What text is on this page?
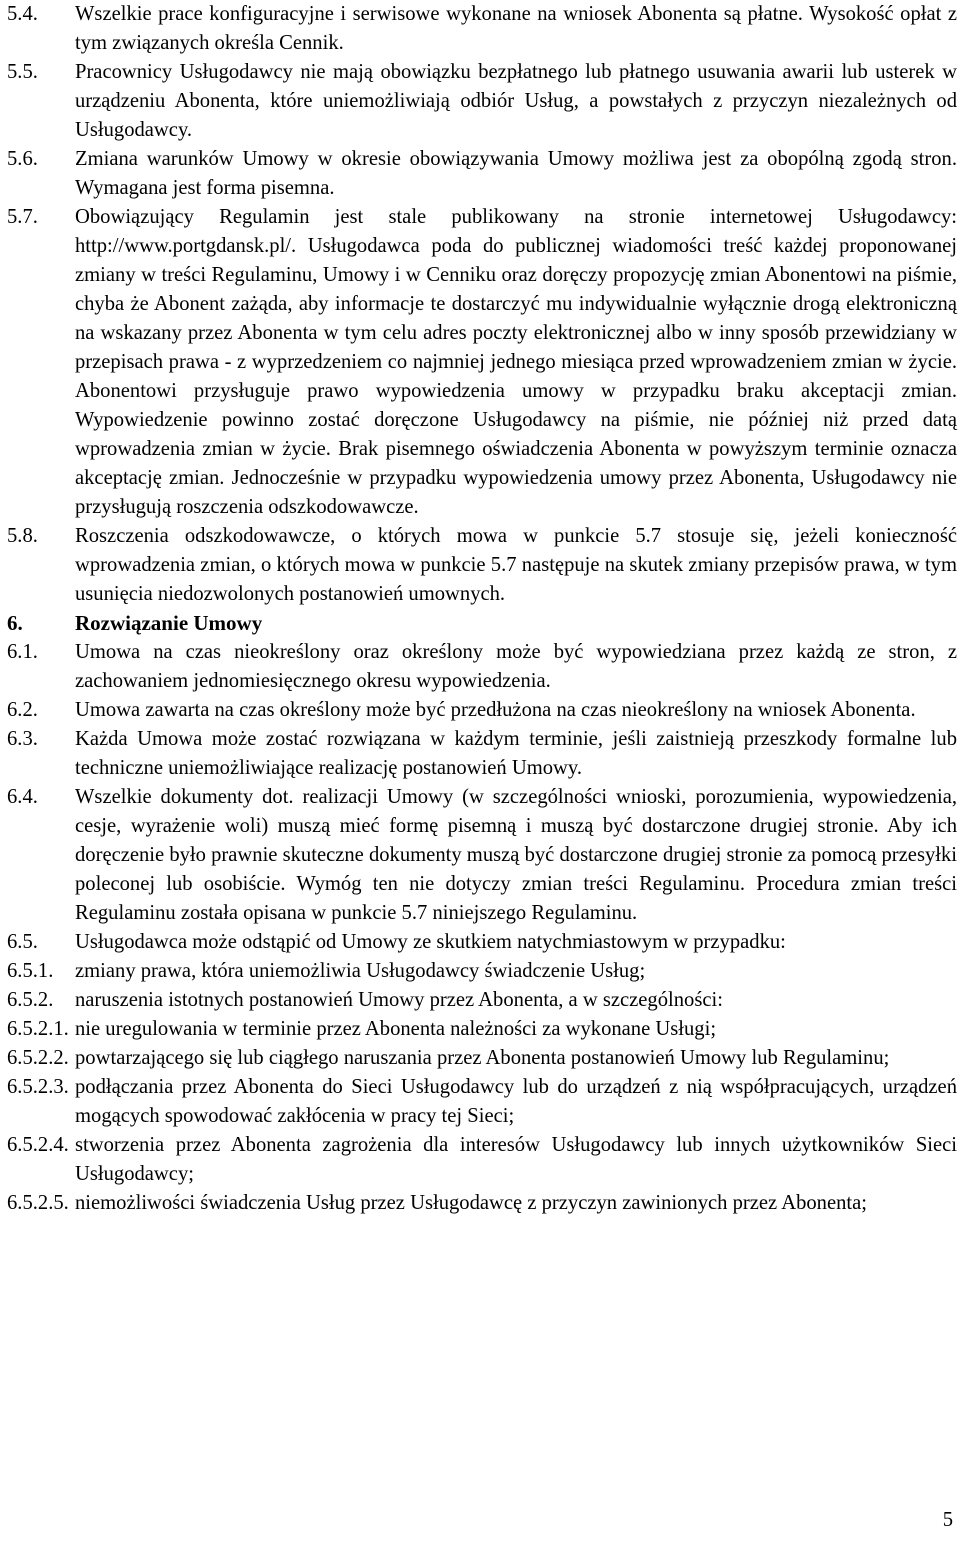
5.4.	Wszelkie prace konfiguracyjne i serwisowe wykonane na wniosek Abonenta są płatne. Wysokość opłat z tym związanych określa Cennik.
5.5.	Pracownicy Usługodawcy nie mają obowiązku bezpłatnego lub płatnego usuwania awarii lub usterek w urządzeniu Abonenta, które uniemożliwiają odbiór Usług, a powstałych z przyczyn niezależnych od Usługodawcy.
5.6.	Zmiana warunków Umowy w okresie obowiązywania Umowy możliwa jest za obopólną zgodą stron. Wymagana jest forma pisemna.
5.7.	Obowiązujący Regulamin jest stale publikowany na stronie internetowej Usługodawcy: http://www.portgdansk.pl/. Usługodawca poda do publicznej wiadomości treść każdej proponowanej zmiany w treści Regulaminu, Umowy i w Cenniku oraz doręczy propozycję zmian Abonentowi na piśmie, chyba że Abonent zażąda, aby informacje te dostarczyć mu indywidualnie wyłącznie drogą elektroniczną na wskazany przez Abonenta w tym celu adres poczty elektronicznej albo w inny sposób przewidziany w przepisach prawa - z wyprzedzeniem co najmniej jednego miesiąca przed wprowadzeniem zmian w życie. Abonentowi przysługuje prawo wypowiedzenia umowy w przypadku braku akceptacji zmian. Wypowiedzenie powinno zostać doręczone Usługodawcy na piśmie, nie później niż przed datą wprowadzenia zmian w życie. Brak pisemnego oświadczenia Abonenta w powyższym terminie oznacza akceptację zmian. Jednocześnie w przypadku wypowiedzenia umowy przez Abonenta, Usługodawcy nie przysługują roszczenia odszkodowawcze.
5.8.	Roszczenia odszkodowawcze, o których mowa w punkcie 5.7 stosuje się, jeżeli konieczność wprowadzenia zmian, o których mowa w punkcie 5.7 następuje na skutek zmiany przepisów prawa, w tym usunięcia niedozwolonych postanowień umownych.
6.	Rozwiązanie Umowy
6.1.	Umowa na czas nieokreślony oraz określony może być wypowiedziana przez każdą ze stron, z zachowaniem jednomiesięcznego okresu wypowiedzenia.
6.2.	Umowa zawarta na czas określony może być przedłużona na czas nieokreślony na wniosek Abonenta.
6.3.	Każda Umowa może zostać rozwiązana w każdym terminie, jeśli zaistnieją przeszkody formalne lub techniczne uniemożliwiające realizację postanowień Umowy.
6.4.	Wszelkie dokumenty dot. realizacji Umowy (w szczególności wnioski, porozumienia, wypowiedzenia, cesje, wyrażenie woli) muszą mieć formę pisemną i muszą być dostarczone drugiej stronie. Aby ich doręczenie było prawnie skuteczne dokumenty muszą być dostarczone drugiej stronie za pomocą przesyłki poleconej lub osobiście. Wymóg ten nie dotyczy zmian treści Regulaminu. Procedura zmian treści Regulaminu została opisana w punkcie 5.7 niniejszego Regulaminu.
6.5.	Usługodawca może odstąpić od Umowy ze skutkiem natychmiastowym w przypadku:
6.5.1.	zmiany prawa, która uniemożliwia Usługodawcy świadczenie Usług;
6.5.2.	naruszenia istotnych postanowień Umowy przez Abonenta, a w szczególności:
6.5.2.1. nie uregulowania w terminie przez Abonenta należności za wykonane Usługi;
6.5.2.2. powtarzającego się lub ciągłego naruszania przez Abonenta postanowień Umowy lub Regulaminu;
6.5.2.3. podłączania przez Abonenta do Sieci Usługodawcy lub do urządzeń z nią współpracujących, urządzeń mogących spowodować zakłócenia w pracy tej Sieci;
6.5.2.4. stworzenia przez Abonenta zagrożenia dla interesów Usługodawcy lub innych użytkowników Sieci Usługodawcy;
6.5.2.5. niemożliwości świadczenia Usług przez Usługodawcę z przyczyn zawinionych przez Abonenta;
5
